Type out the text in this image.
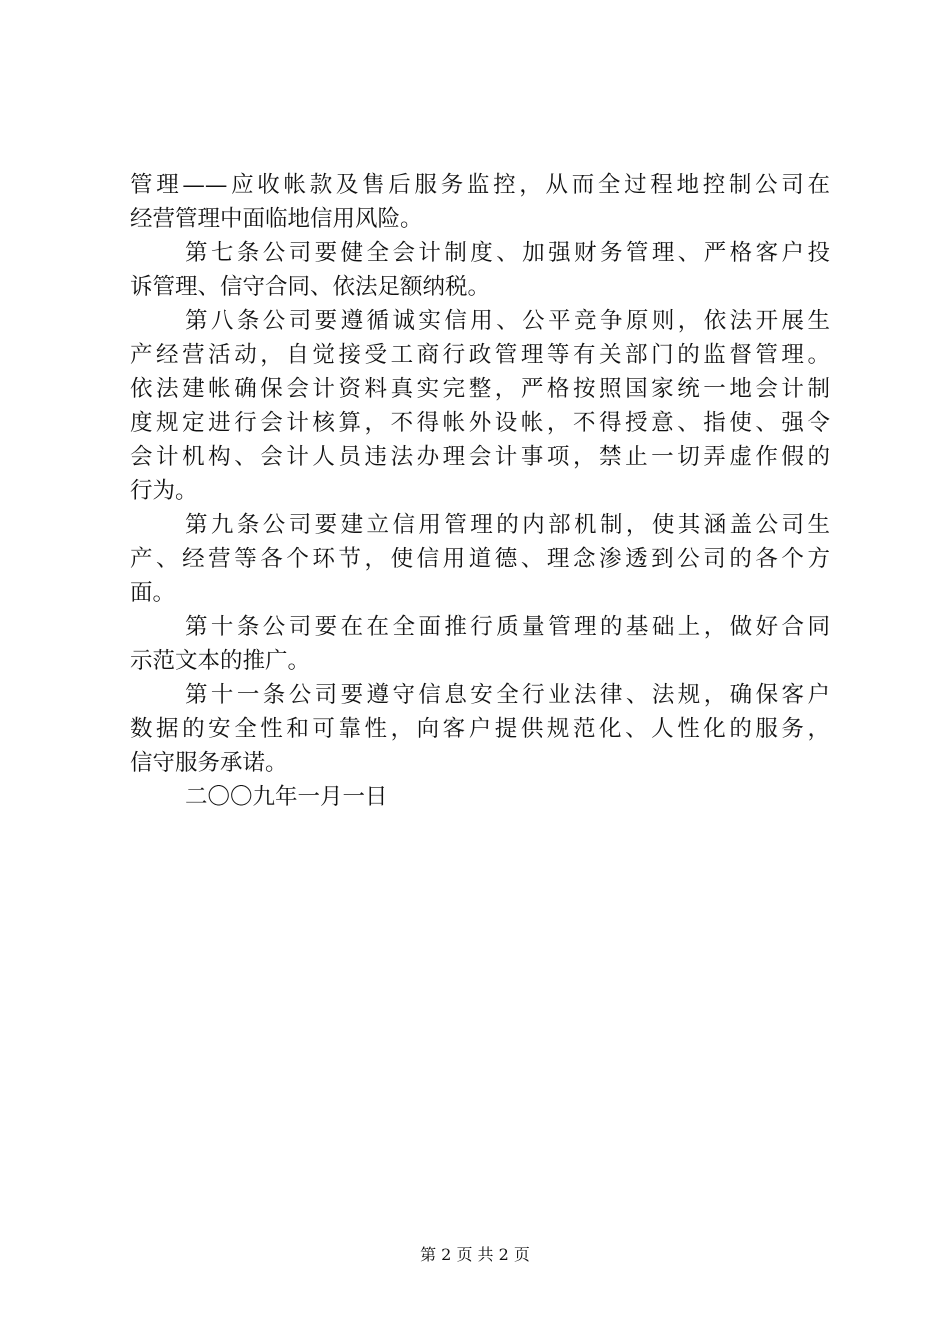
管理——应收帐款及售后服务监控，从而全过程地控制公司在
经营管理中面临地信用风险。
第七条公司要健全会计制度、加强财务管理、严格客户投
诉管理、信守合同、依法足额纳税。
第八条公司要遵循诚实信用、公平竞争原则，依法开展生
产经营活动，自觉接受工商行政管理等有关部门的监督管理。
依法建帐确保会计资料真实完整，严格按照国家统一地会计制
度规定进行会计核算，不得帐外设帐，不得授意、指使、强令
会计机构、会计人员违法办理会计事项，禁止一切弄虚作假的
行为。
第九条公司要建立信用管理的内部机制，使其涵盖公司生
产、经营等各个环节，使信用道德、理念渗透到公司的各个方
面。
第十条公司要在在全面推行质量管理的基础上，做好合同
示范文本的推广。
第十一条公司要遵守信息安全行业法律、法规，确保客户
数据的安全性和可靠性，向客户提供规范化、人性化的服务，
信守服务承诺。
二〇〇九年一月一日
第 2 页 共 2 页
